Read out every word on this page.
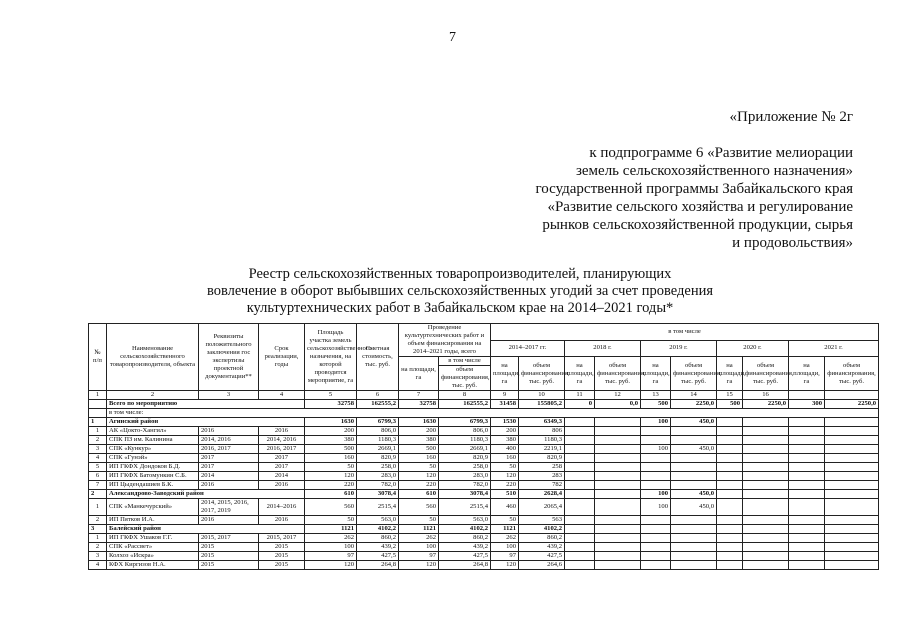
7
«Приложение № 2г
к подпрограмме 6 «Развитие мелиорации
земель сельскохозяйственного назначения»
государственной программы Забайкальского края
«Развитие сельского хозяйства и регулирование
рынков сельскохозяйственной продукции, сырья
и продовольствия»
Реестр сельскохозяйственных товаропроизводителей, планирующих
вовлечение в оборот выбывших сельскохозяйственных угодий за счет проведения
культуртехнических работ в Забайкальском крае на 2014–2021 годы*
№ п/п	Наименование сельскохозяйственного товаропроизводителя, объекта	Реквизиты положительного заключения гос экспертизы проектной документации**	Срок реализации, годы	Площадь участка земель сельскохозяйственного назначения, на которой проводится мероприятие, га	Сметная стоимость, тыс. руб.	Проведение культуртехнических работ и объем финансирования на 2014–2021 годы, всего		в том числе									
								2014–2017 гг.		2018 г.		2019 г.		2020 г.		2021 г.	
						на площади, га	в том числе	на площади, га	объем финансирования, тыс. руб.	на площади, га	объем финансирования, тыс. руб.	на площади, га	объем финансирования, тыс. руб.	на площади, га	объем финансирования, тыс. руб.	на площади, га	объем финансирования, тыс. руб.
							объем финансирования, тыс. руб.										
1	2	3	4	5	6	7	8	9	10	11	12	13	14	15	16		
	Всего по мероприятию			32758	162555,2	32758	162555,2	31458	155805,2	0	0,0	500	2250,0	500	2250,0	300	2250,0
	в том числе:																
1	Агинский район			1630	6799,3	1630	6799,3	1530	6349,3			100	450,0				
1	АК «Цокто-Хангил»	2016	2016	200	806,0	200	806,0	200	806								
2	СПК ПЗ им. Калинина	2014, 2016	2014, 2016	380	1180,3	380	1180,3	380	1180,3								
3	СПК «Кункур»	2016, 2017	2016, 2017	500	2669,1	500	2669,1	400	2219,1			100	450,0				
4	СПК «Гунэй»	2017	2017	160	820,9	160	820,9	160	820,9								
5	ИП ГКФХ Дондоков Б.Д.	2017	2017	50	258,0	50	258,0	50	258								
6	ИП ГКФХ Батомункин С.Б.	2014	2014	120	283,0	120	283,0	120	283								
7	ИП Цыдендашиев Б.К.	2016	2016	220	782,0	220	782,0	220	782								
2	Александрово-Заводский район			610	3078,4	610	3078,4	510	2628,4			100	450,0				
1	СПК «Манкечурский»	2014, 2015, 2016, 2017, 2019	2014–2016	560	2515,4	560	2515,4	460	2065,4			100	450,0				
2	ИП Пятков И.А.	2016	2016	50	563,0	50	563,0	50	563								
3	Балейский район			1121	4102,2	1121	4102,2	1121	4102,2								
1	ИП ГКФХ Ушаков Г.Г.	2015, 2017	2015, 2017	262	860,2	262	860,2	262	860,2								
2	СПК «Рассвет»	2015	2015	100	439,2	100	439,2	100	439,2								
3	Колхоз «Искра»	2015	2015	97	427,5	97	427,5	97	427,5								
4	КФХ Киргизов Н.А.	2015	2015	120	264,8	120	264,8	120	264,6								
